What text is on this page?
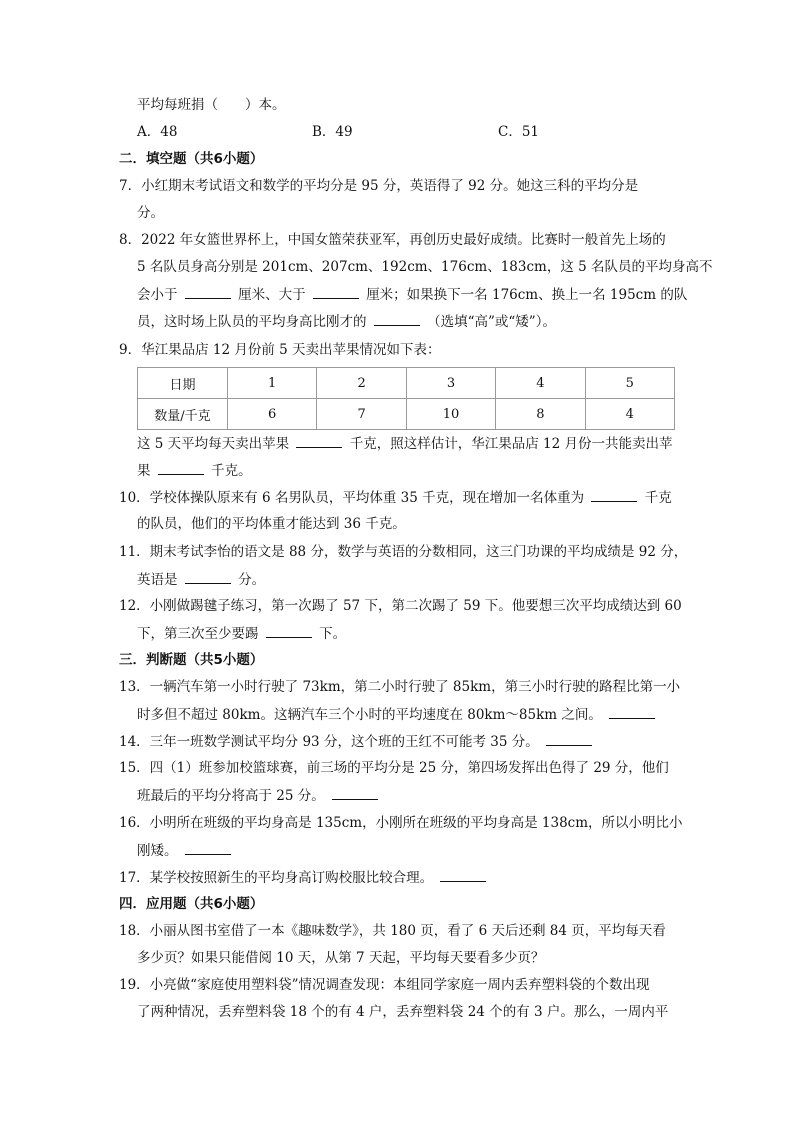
平均每班捐（　　）本。
A．48	B．49	C．51
二．填空题（共6小题）
7．小红期末考试语文和数学的平均分是 95 分，英语得了 92 分。她这三科的平均分是
分。
8．2022 年女篮世界杯上，中国女篮荣获亚军，再创历史最好成绩。比赛时一般首先上场的
5 名队员身高分别是 201cm、207cm、192cm、176cm、183cm，这 5 名队员的平均身高不
会小于	厘米、大于	厘米；如果换下一名 176cm、换上一名 195cm 的队
员，这时场上队员的平均身高比刚才的	（选填“高”或“矮”）。
9．华江果品店 12 月份前 5 天卖出苹果情况如下表：
日期	1	2	3	4	5
数量/千克	6	7	10	8	4
这 5 天平均每天卖出苹果	千克，照这样估计，华江果品店 12 月份一共能卖出苹
果	千克。
10．学校体操队原来有 6 名男队员，平均体重 35 千克，现在增加一名体重为	千克
的队员，他们的平均体重才能达到 36 千克。
11．期末考试李怡的语文是 88 分，数学与英语的分数相同，这三门功课的平均成绩是 92 分，
英语是	分。
12．小刚做踢毽子练习，第一次踢了 57 下，第二次踢了 59 下。他要想三次平均成绩达到 60
下，第三次至少要踢	下。
三．判断题（共5小题）
13．一辆汽车第一小时行驶了 73km，第二小时行驶了 85km，第三小时行驶的路程比第一小
时多但不超过 80km。这辆汽车三个小时的平均速度在 80km～85km 之间。
14．三年一班数学测试平均分 93 分，这个班的王红不可能考 35 分。
15．四（1）班参加校篮球赛，前三场的平均分是 25 分，第四场发挥出色得了 29 分，他们
班最后的平均分将高于 25 分。
16．小明所在班级的平均身高是 135cm，小刚所在班级的平均身高是 138cm，所以小明比小
刚矮。
17．某学校按照新生的平均身高订购校服比较合理。
四．应用题（共6小题）
18．小丽从图书室借了一本《趣味数学》，共 180 页，看了 6 天后还剩 84 页，平均每天看
多少页？如果只能借阅 10 天，从第 7 天起，平均每天要看多少页？
19．小亮做“家庭使用塑料袋”情况调查发现：本组同学家庭一周内丢弃塑料袋的个数出现
了两种情况，丢弃塑料袋 18 个的有 4 户，丢弃塑料袋 24 个的有 3 户。那么，一周内平
